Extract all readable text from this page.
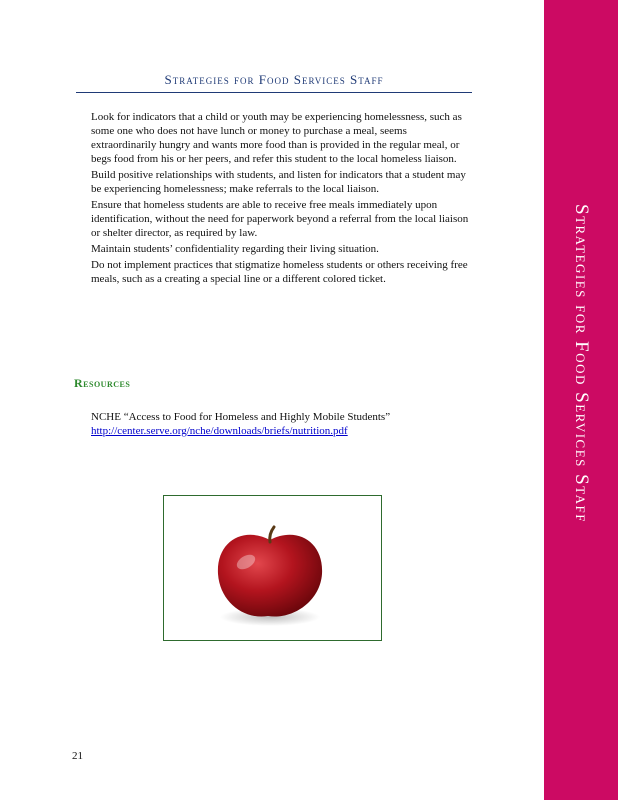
Strategies for Food Services Staff
Strategies for Food Services Staff
Look for indicators that a child or youth may be experiencing homelessness, such as some one who does not have lunch or money to purchase a meal, seems extraordinarily hungry and wants more food than is provided in the regular meal, or begs food from his or her peers, and refer this student to the local homeless liaison.
Build positive relationships with students, and listen for indicators that a student may be experiencing homelessness; make referrals to the local liaison.
Ensure that homeless students are able to receive free meals immediately upon identification, without the need for paperwork beyond a referral from the local liaison or shelter director, as required by law.
Maintain students’ confidentiality regarding their living situation.
Do not implement practices that stigmatize homeless students or others receiving free meals, such as a creating a special line or a different colored ticket.
Resources
NCHE “Access to Food for Homeless and Highly Mobile Students”
http://center.serve.org/nche/downloads/briefs/nutrition.pdf
21
